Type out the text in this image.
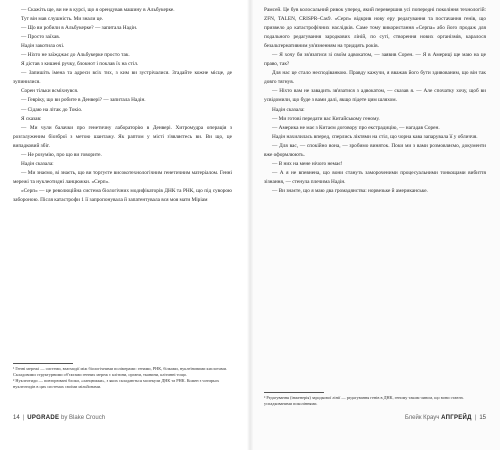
— Скажіть ще, ви не в курсі, що я орендував машину в Альбукерке.

Тут він мав слушність. Ми знали це.

— Що ви робили в Альбукерке? — запитала Надін.

— Просто заїхав.

Надін закотила очі.

— Ніхто не заїжджає до Альбукерке просто так.

Я дістав з кишені ручку, блокнот і поклав їх на стіл.

— Запишіть імена та адреси всіх тих, з ким ви зустрічалися. Згадайте кожне місце, де зупинилися.

Сорен тільки всміхнувся.

— Гевріку, що ви робите в Денвері? — запитала Надін.

— Сідаю на літак до Токіо.

Я сказав:

— Ми чули балачки про генетичну лабораторію в Денвері. Хитромудра операція з розгалуженим біозброї з метою шантажу. Як раптом у місті з'являєтесь ви. Ви що, це випадковий збіг.

— Не розумію, про що ви говорите.

Надін сказала:

— Ми знаємо, ві знаєть, що ви торгуєте високотехнологічним генетичним матеріалом. Генні мережі та нуклеотидні ланцюжки. «Серп».

«Серп» — це революційна система біологічних модифікаторів ДНК та РНК, що під суворою забороною. Після катастрофи 1 її запропонувала й запатентувала вся моя мати Міріам

¹ Генні мережі — системи, взаємодії між біологічними полімерами: генами, РНК, білками, нуклеїновими кислотами. Складовими структурними об'єктами генних мереж є клітини, органи, тканини, клітинні тощо.

² Нуклеотиди — повторювані блоки, «ланцюжки», з яких складаються молекули ДНК та РНК. Кожен з чотирьох нуклеотидів в цих системах своїми мільйонами.

14 | UPGRADE by Blake Crouch

Рамсей. Це був колосальний ривок уперед, який перевершив усі попередні покоління технологій: ZFN, TALEN, CRISPR–Cas9. «Серп» відкрив нову еру редагування та постачання генів, що призвело до катастрофічних наслідків. Саме тому використання «Серпа» або його продаж для подального редагування зародкових ліній, по суті, створення нових організмів, каралося безальтернативним ув'язненням на тридцять років.

— Я хочу би зв'язатися зі своїм адвокатом, — заявив Сорен. — Я в Америці ще маю на це право, так?

Для нас це стало несподіванкою. Правду кажучи, я вважав його бути здивованим, що він так довго тягнув.

— Ніхто вам не завадить зв'язатися з адвокатом, — сказав я. — Але спочатку хочу, щоб ви усвідомили, що буде з вами далі, якщо підете цим шляхом.

Надін сказала:

— Ми готові передати вас Китайському геному.

— Америка не має з Китаєм договору про екстрадицію, — нагадав Сорен.

Надін нахилилась вперед, сперлись ліктями на стіл, що чорна кава запарувала її у обличчя.

— Для вас, — спокійно вона, — зробимо виняток. Поки ми з вами розмовляємо, документи вже оформлюють.

— В них на мене нічого немає!

— А я не впевнена, що вони стануть замороченими процесуальними тонкощами вибиття зізнання, — стенула плечима Надін.

— Ви знаєте, що я маю два громадянства: норвезьке й американське.

³ Редагування (інженерія) зародкової лінії — редагування генів в ДНК, геному таким чином, що вони стають успадкованими поколіннями.

Блейк Крауч АПГРЕЙД | 15
